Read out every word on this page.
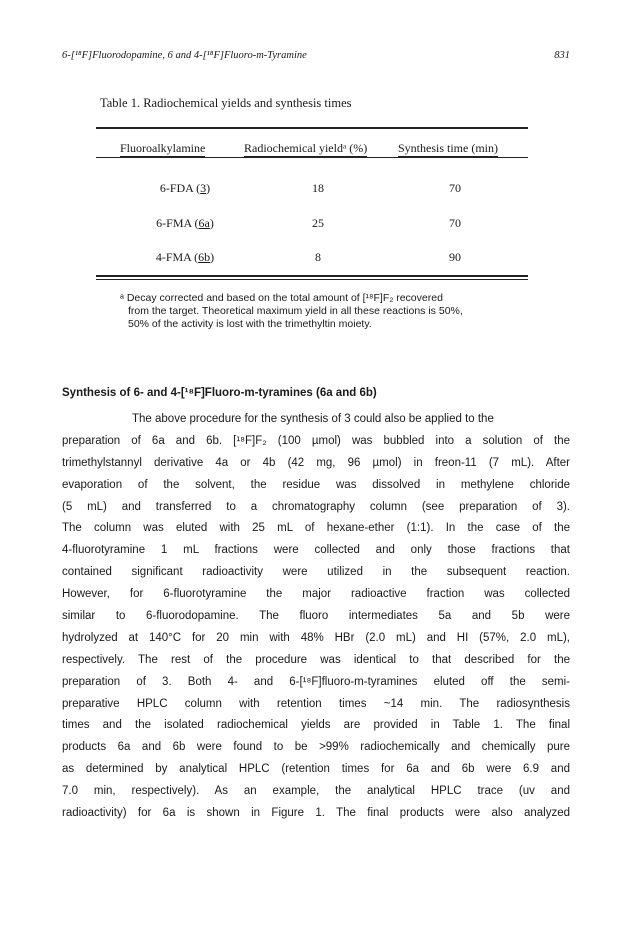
6-[¹⁸F]Fluorodopamine, 6 and 4-[¹⁸F]Fluoro-m-Tyramine	831
Table 1. Radiochemical yields and synthesis times
Fluoroalkylamine	Radiochemical yieldᵃ (%)	Synthesis time (min)
6-FDA (3)	18	70
6-FMA (6a)	25	70
4-FMA (6b)	8	90
ᵃ Decay corrected and based on the total amount of [¹⁸F]F₂ recovered
from the target. Theoretical maximum yield in all these reactions is 50%,
50% of the activity is lost with the trimethyltin moiety.
Synthesis of 6- and 4-[¹⁸F]Fluoro-m-tyramines (6a and 6b)
The above procedure for the synthesis of 3 could also be applied to the
preparation of 6a and 6b. [¹⁸F]F₂ (100 µmol) was bubbled into a solution of the
trimethylstannyl derivative 4a or 4b (42 mg, 96 µmol) in freon-11 (7 mL). After
evaporation of the solvent, the residue was dissolved in methylene chloride
(5 mL) and transferred to a chromatography column (see preparation of 3).
The column was eluted with 25 mL of hexane-ether (1:1). In the case of the
4-fluorotyramine 1 mL fractions were collected and only those fractions that
contained significant radioactivity were utilized in the subsequent reaction.
However, for 6-fluorotyramine the major radioactive fraction was collected
similar to 6-fluorodopamine. The fluoro intermediates 5a and 5b were
hydrolyzed at 140°C for 20 min with 48% HBr (2.0 mL) and HI (57%, 2.0 mL),
respectively. The rest of the procedure was identical to that described for the
preparation of 3. Both 4- and 6-[¹⁸F]fluoro-m-tyramines eluted off the semi-
preparative HPLC column with retention times ~14 min. The radiosynthesis
times and the isolated radiochemical yields are provided in Table 1. The final
products 6a and 6b were found to be >99% radiochemically and chemically pure
as determined by analytical HPLC (retention times for 6a and 6b were 6.9 and
7.0 min, respectively). As an example, the analytical HPLC trace (uv and
radioactivity) for 6a is shown in Figure 1. The final products were also analyzed
